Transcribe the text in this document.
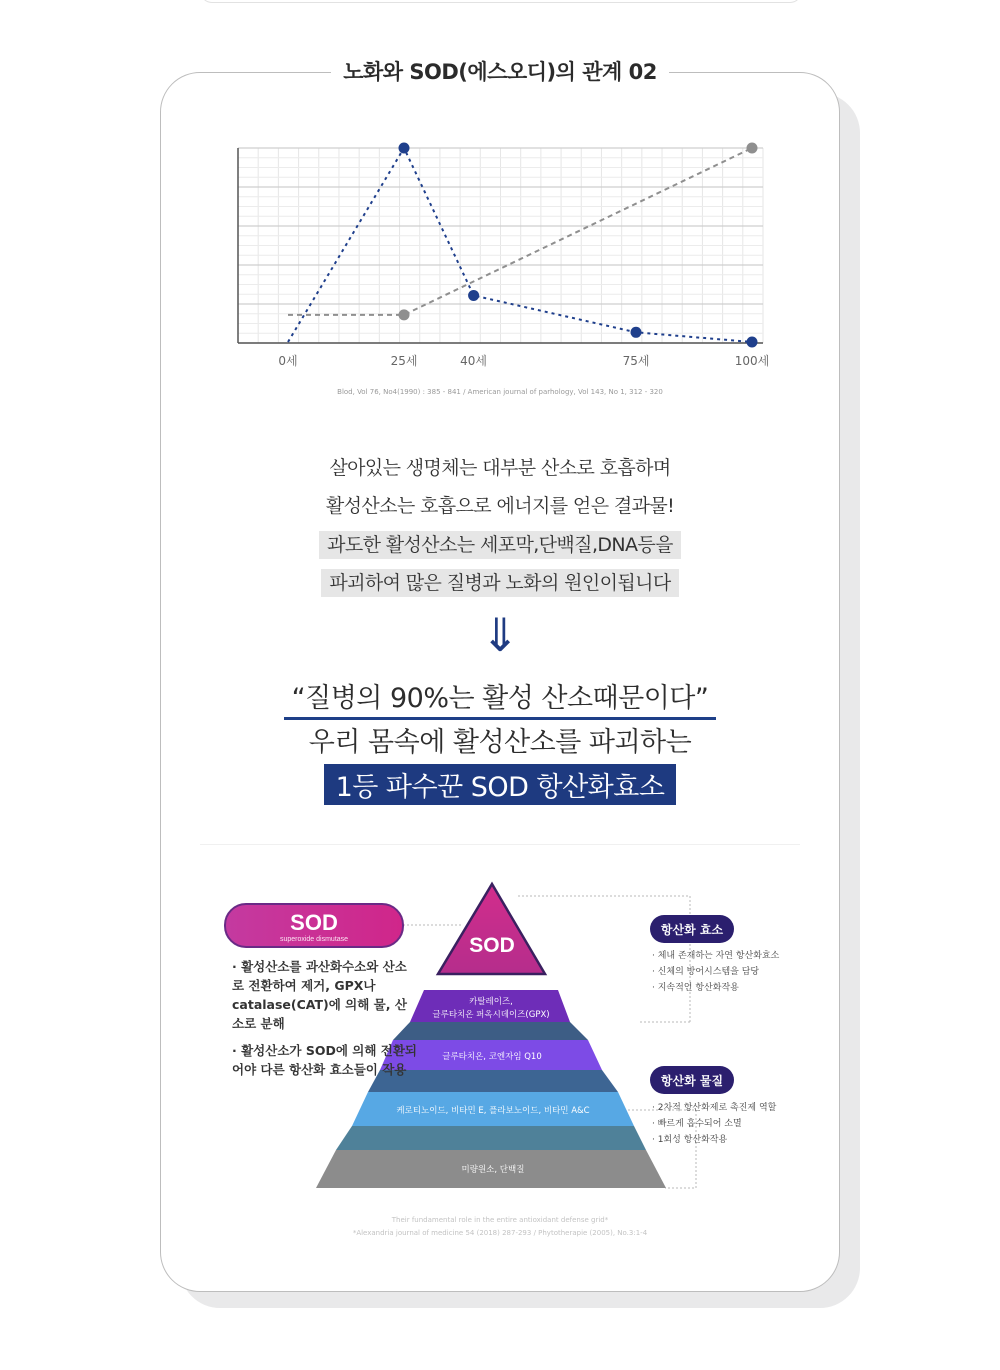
노화와 SOD(에스오디)의 관계 02
0세	25세	40세	75세	100세
Blod, Vol 76, No4(1990) : 385 - 841 / American journal of parhology, Vol 143, No 1, 312 - 320
살아있는 생명체는 대부분 산소로 호흡하며
활성산소는 호흡으로 에너지를 얻은 결과물!
과도한 활성산소는 세포막,단백질,DNA등을
파괴하여 많은 질병과 노화의 원인이됩니다
⇓
“질병의 90%는 활성 산소때문이다”
우리 몸속에 활성산소를 파괴하는
1등 파수꾼 SOD 항산화효소
SOD
superoxide dismutase	SOD
카탈레이즈,
글루타치온 퍼옥시데이즈(GPX)
글루타치온, 코엔자임 Q10
케로티노이드, 비타민 E, 플라보노이드, 비타민 A&C
미량원소, 단백질
항산화 효소
항산화 물질
· 활성산소를 과산화수소와 산소로 전환하여 제거, GPX나 catalase(CAT)에 의해 물, 산소로 분해
· 활성산소가 SOD에 의해 전환되어야 다른 항산화 효소들이 작용
· 체내 존재하는 자연 항산화효소
· 신체의 방어시스템을 담당
· 지속적인 항산화작용
· 2차적 항산화제로 촉진제 역할
· 빠르게 흡수되어 소멸
· 1회성 항산화작용
Their fundamental role in the entire antioxidant defense grid*
*Alexandria journal of medicine 54 (2018) 287-293 / Phytotherapie (2005), No.3:1-4
